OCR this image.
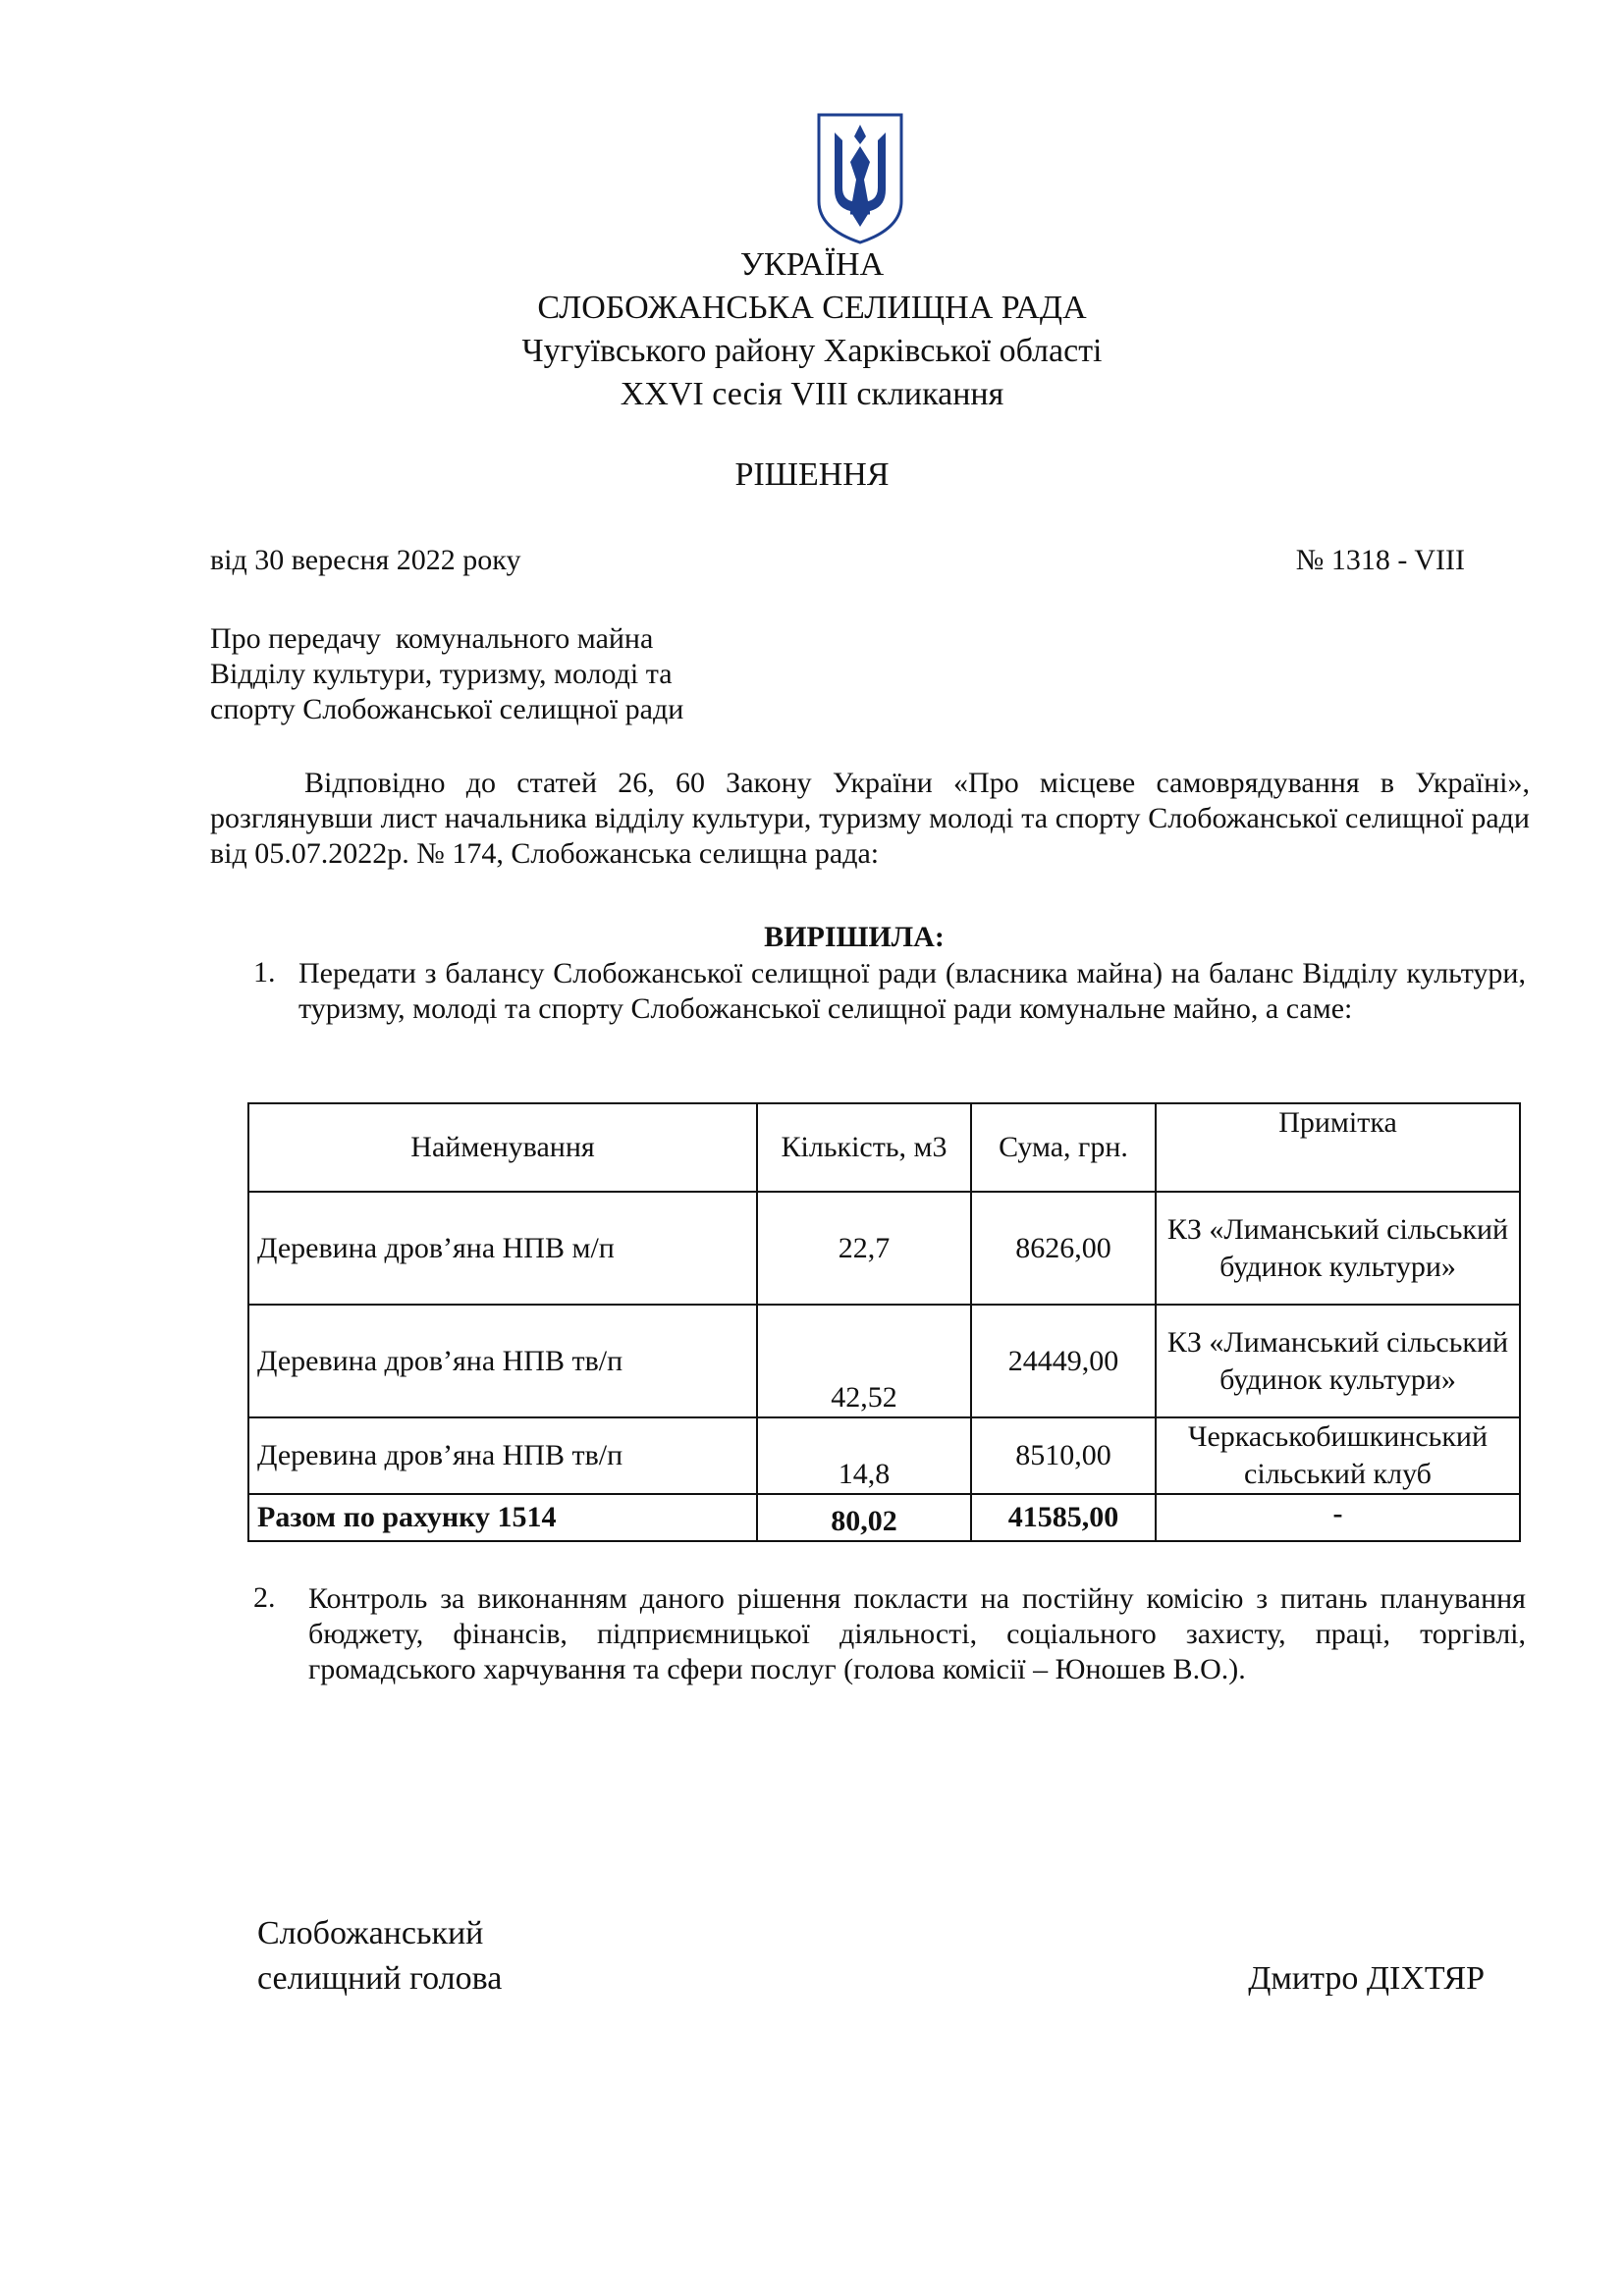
УКРАЇНА
СЛОБОЖАНСЬКА СЕЛИЩНА РАДА
Чугуївського району Харківської області
XXVI сесія VIII скликання
РІШЕННЯ
від 30 вересня 2022 року	№ 1318 - VIII
Про передачу  комунального майна
Відділу культури, туризму, молоді та
спорту Слобожанської селищної ради
Відповідно до статей 26, 60 Закону України «Про місцеве самоврядування в Україні», розглянувши лист начальника відділу культури, туризму молоді та спорту Слобожанської селищної ради від 05.07.2022р. № 174, Слобожанська селищна рада:
ВИРІШИЛА:
1. Передати з балансу Слобожанської селищної ради (власника майна) на баланс Відділу культури, туризму, молоді та спорту Слобожанської селищної ради комунальне майно, а саме:
Найменування	Кількість, м3	Сума, грн.	Примітка
Деревина дров’яна НПВ м/п	22,7	8626,00	КЗ «Лиманський сільський будинок культури»
Деревина дров’яна НПВ тв/п	42,52	24449,00	КЗ «Лиманський сільський будинок культури»
Деревина дров’яна НПВ тв/п	14,8	8510,00	Черкаськобишкинський сільський клуб
Разом по рахунку 1514	80,02	41585,00	-
2. Контроль за виконанням даного рішення покласти на постійну комісію з питань планування бюджету, фінансів, підприємницької діяльності, соціального захисту, праці, торгівлі, громадського харчування та сфери послуг (голова комісії – Юношев В.О.).
Слобожанський
селищний голова	Дмитро ДІХТЯР
